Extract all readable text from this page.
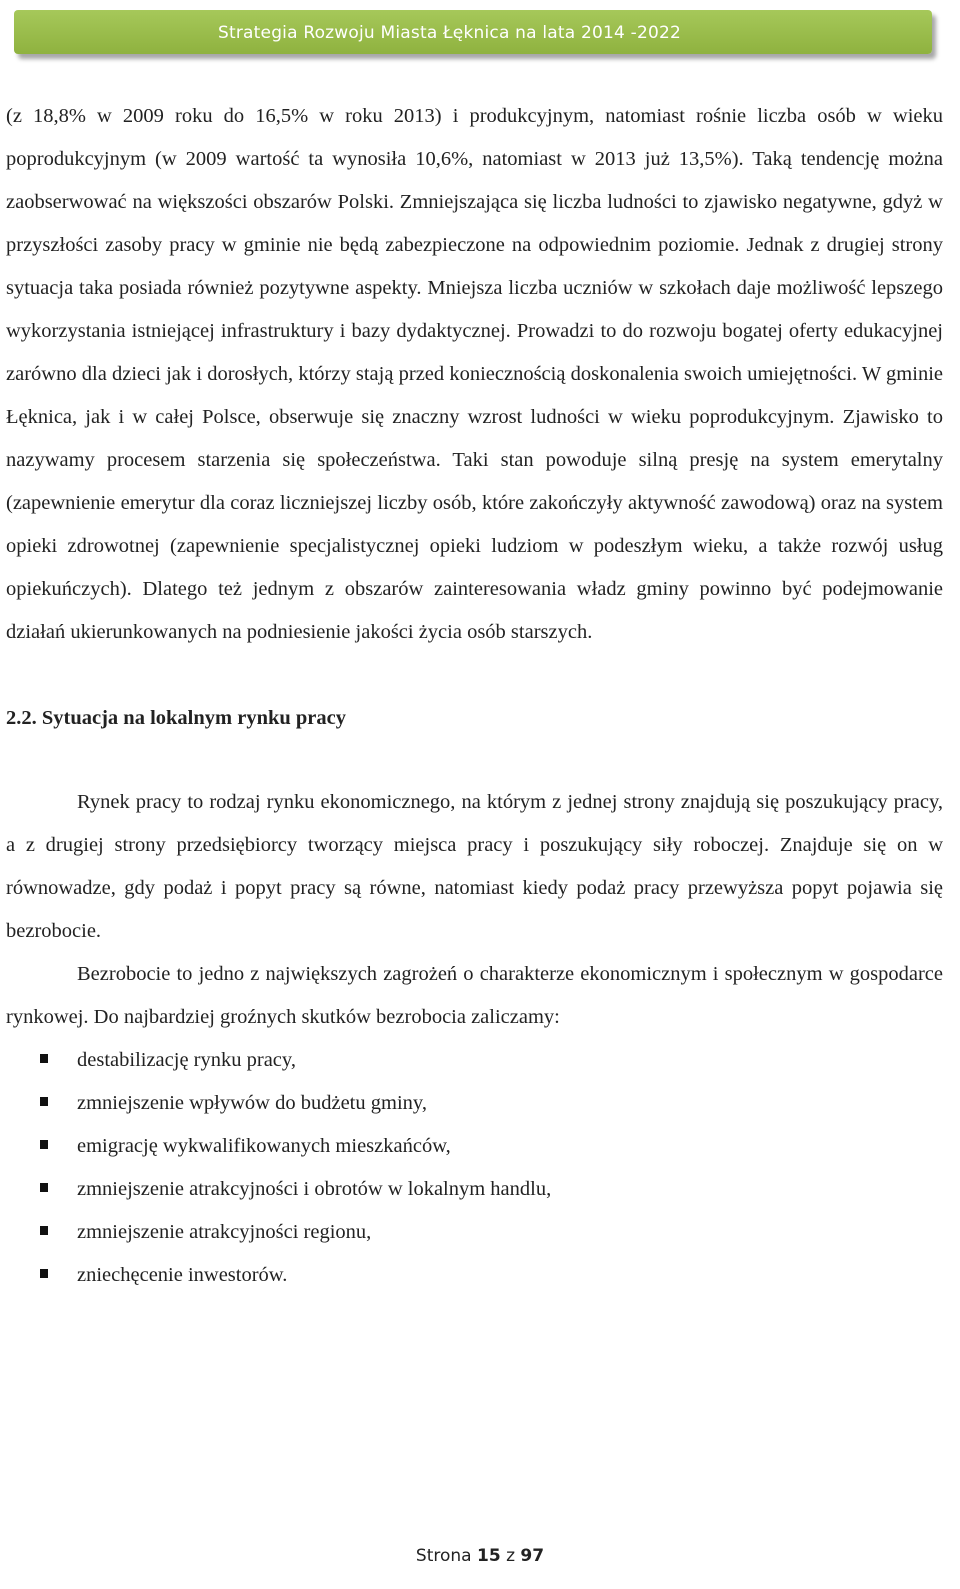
Strategia Rozwoju Miasta Łęknica na lata 2014 -2022

(z 18,8% w 2009 roku do 16,5% w roku 2013) i produkcyjnym, natomiast rośnie liczba osób w wieku poprodukcyjnym (w 2009 wartość ta wynosiła 10,6%, natomiast w 2013 już 13,5%). Taką tendencję można zaobserwować na większości obszarów Polski. Zmniejszająca się liczba ludności to zjawisko negatywne, gdyż w przyszłości zasoby pracy w gminie nie będą zabezpieczone na odpowiednim poziomie. Jednak z drugiej strony sytuacja taka posiada również pozytywne aspekty. Mniejsza liczba uczniów w szkołach daje możliwość lepszego wykorzystania istniejącej infrastruktury i bazy dydaktycznej. Prowadzi to do rozwoju bogatej oferty edukacyjnej zarówno dla dzieci jak i dorosłych, którzy stają przed koniecznością doskonalenia swoich umiejętności. W gminie Łęknica, jak i w całej Polsce, obserwuje się znaczny wzrost ludności w wieku poprodukcyjnym. Zjawisko to nazywamy procesem starzenia się społeczeństwa. Taki stan powoduje silną presję na system emerytalny (zapewnienie emerytur dla coraz liczniejszej liczby osób, które zakończyły aktywność zawodową) oraz na system opieki zdrowotnej (zapewnienie specjalistycznej opieki ludziom w podeszłym wieku, a także rozwój usług opiekuńczych). Dlatego też jednym z obszarów zainteresowania władz gminy powinno być podejmowanie działań ukierunkowanych na podniesienie jakości życia osób starszych.

2.2. Sytuacja na lokalnym rynku pracy

Rynek pracy to rodzaj rynku ekonomicznego, na którym z jednej strony znajdują się poszukujący pracy, a z drugiej strony przedsiębiorcy tworzący miejsca pracy i poszukujący siły roboczej. Znajduje się on w równowadze, gdy podaż i popyt pracy są równe, natomiast kiedy podaż pracy przewyższa popyt pojawia się bezrobocie.

Bezrobocie to jedno z największych zagrożeń o charakterze ekonomicznym i społecznym w gospodarce rynkowej. Do najbardziej groźnych skutków bezrobocia zaliczamy:

destabilizację rynku pracy,
zmniejszenie wpływów do budżetu gminy,
emigrację wykwalifikowanych mieszkańców,
zmniejszenie atrakcyjności i obrotów w lokalnym handlu,
zmniejszenie atrakcyjności regionu,
zniechęcenie inwestorów.
Strona 15 z 97
